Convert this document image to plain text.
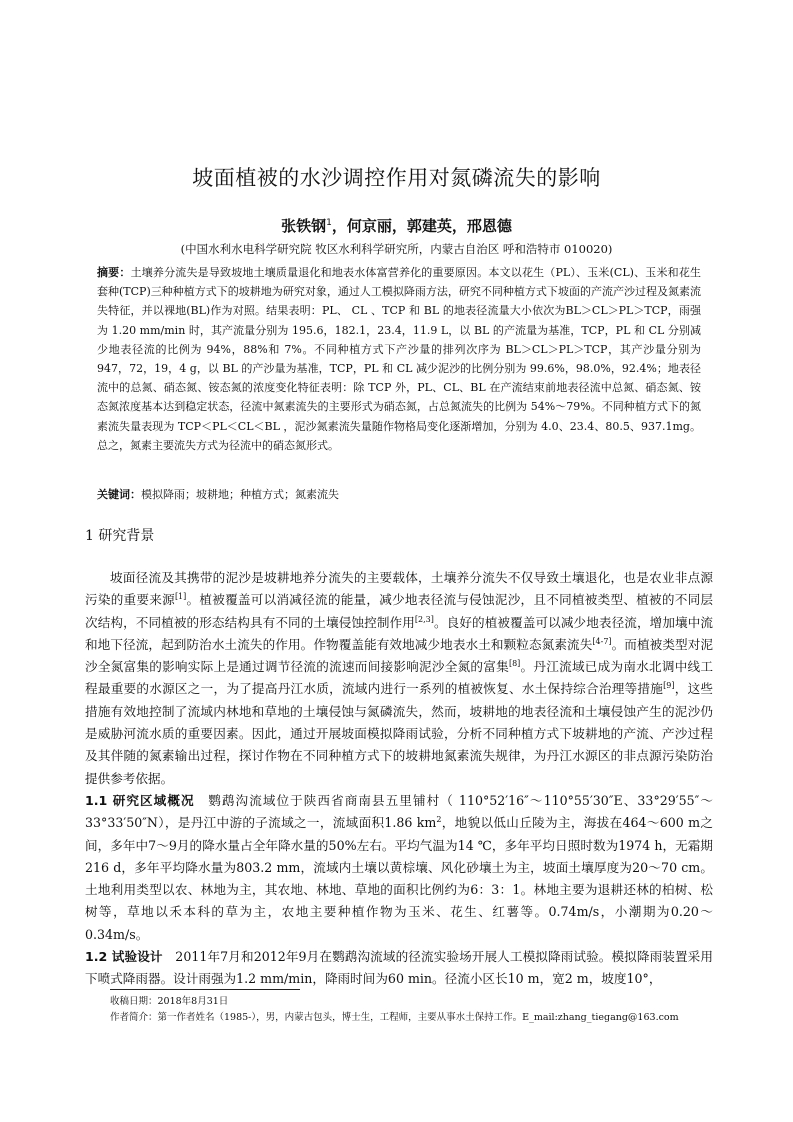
坡面植被的水沙调控作用对氮磷流失的影响
张铁钢$^1$，何京丽，郭建英，邢恩德
(中国水利水电科学研究院 牧区水利科学研究所，内蒙古自治区 呼和浩特市 010020)
摘要：土壤养分流失是导致坡地土壤质量退化和地表水体富营养化的重要原因。本文以花生（PL）、玉米(CL)、玉米和花生套种(TCP)三种种植方式下的坡耕地为研究对象，通过人工模拟降雨方法，研究不同种植方式下坡面的产流产沙过程及氮素流失特征，并以裸地(BL)作为对照。结果表明：PL、 CL 、TCP 和 BL 的地表径流量大小依次为BL＞CL＞PL＞TCP，雨强为 1.20 mm/min 时，其产流量分别为 195.6，182.1，23.4，11.9 L，以 BL 的产流量为基准，TCP，PL 和 CL 分别减少地表径流的比例为 94%，88%和 7%。不同种植方式下产沙量的排列次序为 BL＞CL＞PL＞TCP，其产沙量分别为 947，72，19，4 g，以 BL 的产沙量为基准，TCP，PL 和 CL 减少泥沙的比例分别为 99.6%，98.0%，92.4%；地表径流中的总氮、硝态氮、铵态氮的浓度变化特征表明：除 TCP 外，PL、CL、BL 在产流结束前地表径流中总氮、硝态氮、铵态氮浓度基本达到稳定状态，径流中氮素流失的主要形式为硝态氮，占总氮流失的比例为 54%～79%。不同种植方式下的氮素流失量表现为 TCP＜PL＜CL＜BL ，泥沙氮素流失量随作物格局变化逐渐增加，分别为 4.0、23.4、80.5、937.1mg。总之，氮素主要流失方式为径流中的硝态氮形式。
关键词：模拟降雨；坡耕地；种植方式；氮素流失
1 研究背景

坡面径流及其携带的泥沙是坡耕地养分流失的主要载体，土壤养分流失不仅导致土壤退化，也是农业非点源污染的重要来源[1]。植被覆盖可以消减径流的能量，减少地表径流与侵蚀泥沙，且不同植被类型、植被的不同层次结构，不同植被的形态结构具有不同的土壤侵蚀控制作用[2,3]。良好的植被覆盖可以减少地表径流，增加壤中流和地下径流，起到防治水土流失的作用。作物覆盖能有效地减少地表水土和颗粒态氮素流失[4-7]。而植被类型对泥沙全氮富集的影响实际上是通过调节径流的流速而间接影响泥沙全氮的富集[8]。丹江流域已成为南水北调中线工程最重要的水源区之一，为了提高丹江水质，流域内进行一系列的植被恢复、水土保持综合治理等措施[9]，这些措施有效地控制了流域内林地和草地的土壤侵蚀与氮磷流失，然而，坡耕地的地表径流和土壤侵蚀产生的泥沙仍是威胁河流水质的重要因素。因此，通过开展坡面模拟降雨试验，分析不同种植方式下坡耕地的产流、产沙过程及其伴随的氮素输出过程，探讨作物在不同种植方式下的坡耕地氮素流失规律，为丹江水源区的非点源污染防治提供参考依据。

1.1 研究区域概况　鹦鹉沟流域位于陕西省商南县五里铺村（ 110°52′16″～110°55′30″E、33°29′55″～33°33′50″N），是丹江中游的子流域之一，流域面积1.86 $km^2$，地貌以低山丘陵为主，海拔在464～600 m之间，多年中7～9月的降水量占全年降水量的50%左右。平均气温为14 ℃，多年平均日照时数为1974 h，无霜期216 d，多年平均降水量为803.2 mm，流域内土壤以黄棕壤、风化砂壤土为主，坡面土壤厚度为20～70 cm。土地利用类型以农、林地为主，其农地、林地、草地的面积比例约为6：3：1。林地主要为退耕还林的柏树、松树等，草地以禾本科的草为主，农地主要种植作物为玉米、花生、红薯等。0.74m/s，小潮期为0.20～0.34m/s。

1.2 试验设计　2011年7月和2012年9月在鹦鹉沟流域的径流实验场开展人工模拟降雨试验。模拟降雨装置采用下喷式降雨器。设计雨强为1.2 mm/min，降雨时间为60 min。径流小区长10 m，宽2 m，坡度10°，

收稿日期：2018年8月31日
作者简介：第一作者姓名（1985-），男，内蒙古包头，博士生，工程师，主要从事水土保持工作。E_mail:zhang_tiegang@163.com
